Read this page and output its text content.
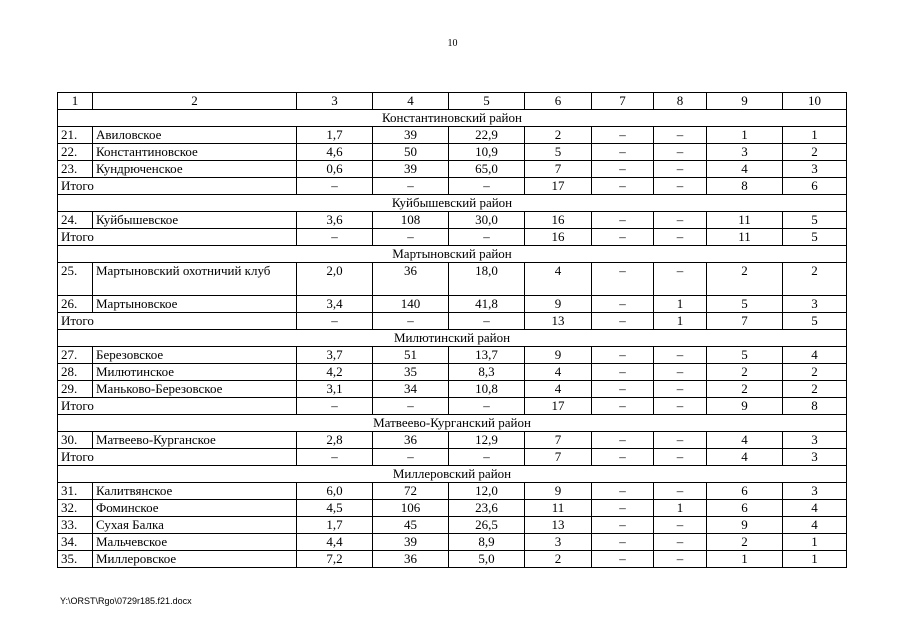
10
1	2	3	4	5	6	7	8	9	10
Константиновский район									
21.	Авиловское	1,7	39	22,9	2	–	–	1	1
22.	Константиновское	4,6	50	10,9	5	–	–	3	2
23.	Кундрюченское	0,6	39	65,0	7	–	–	4	3
Итого		–	–	–	17	–	–	8	6
Куйбышевский район									
24.	Куйбышевское	3,6	108	30,0	16	–	–	11	5
Итого		–	–	–	16	–	–	11	5
Мартыновский район									
25.	Мартыновский охотничий клуб	2,0	36	18,0	4	–	–	2	2
26.	Мартыновское	3,4	140	41,8	9	–	1	5	3
Итого		–	–	–	13	–	1	7	5
Милютинский район									
27.	Березовское	3,7	51	13,7	9	–	–	5	4
28.	Милютинское	4,2	35	8,3	4	–	–	2	2
29.	Маньково-Березовское	3,1	34	10,8	4	–	–	2	2
Итого		–	–	–	17	–	–	9	8
Матвеево-Курганский район									
30.	Матвеево-Курганское	2,8	36	12,9	7	–	–	4	3
Итого		–	–	–	7	–	–	4	3
Миллеровский район									
31.	Калитвянское	6,0	72	12,0	9	–	–	6	3
32.	Фоминское	4,5	106	23,6	11	–	1	6	4
33.	Сухая Балка	1,7	45	26,5	13	–	–	9	4
34.	Мальчевское	4,4	39	8,9	3	–	–	2	1
35.	Миллеровское	7,2	36	5,0	2	–	–	1	1
Y:\ORST\Rgo\0729r185.f21.docx
